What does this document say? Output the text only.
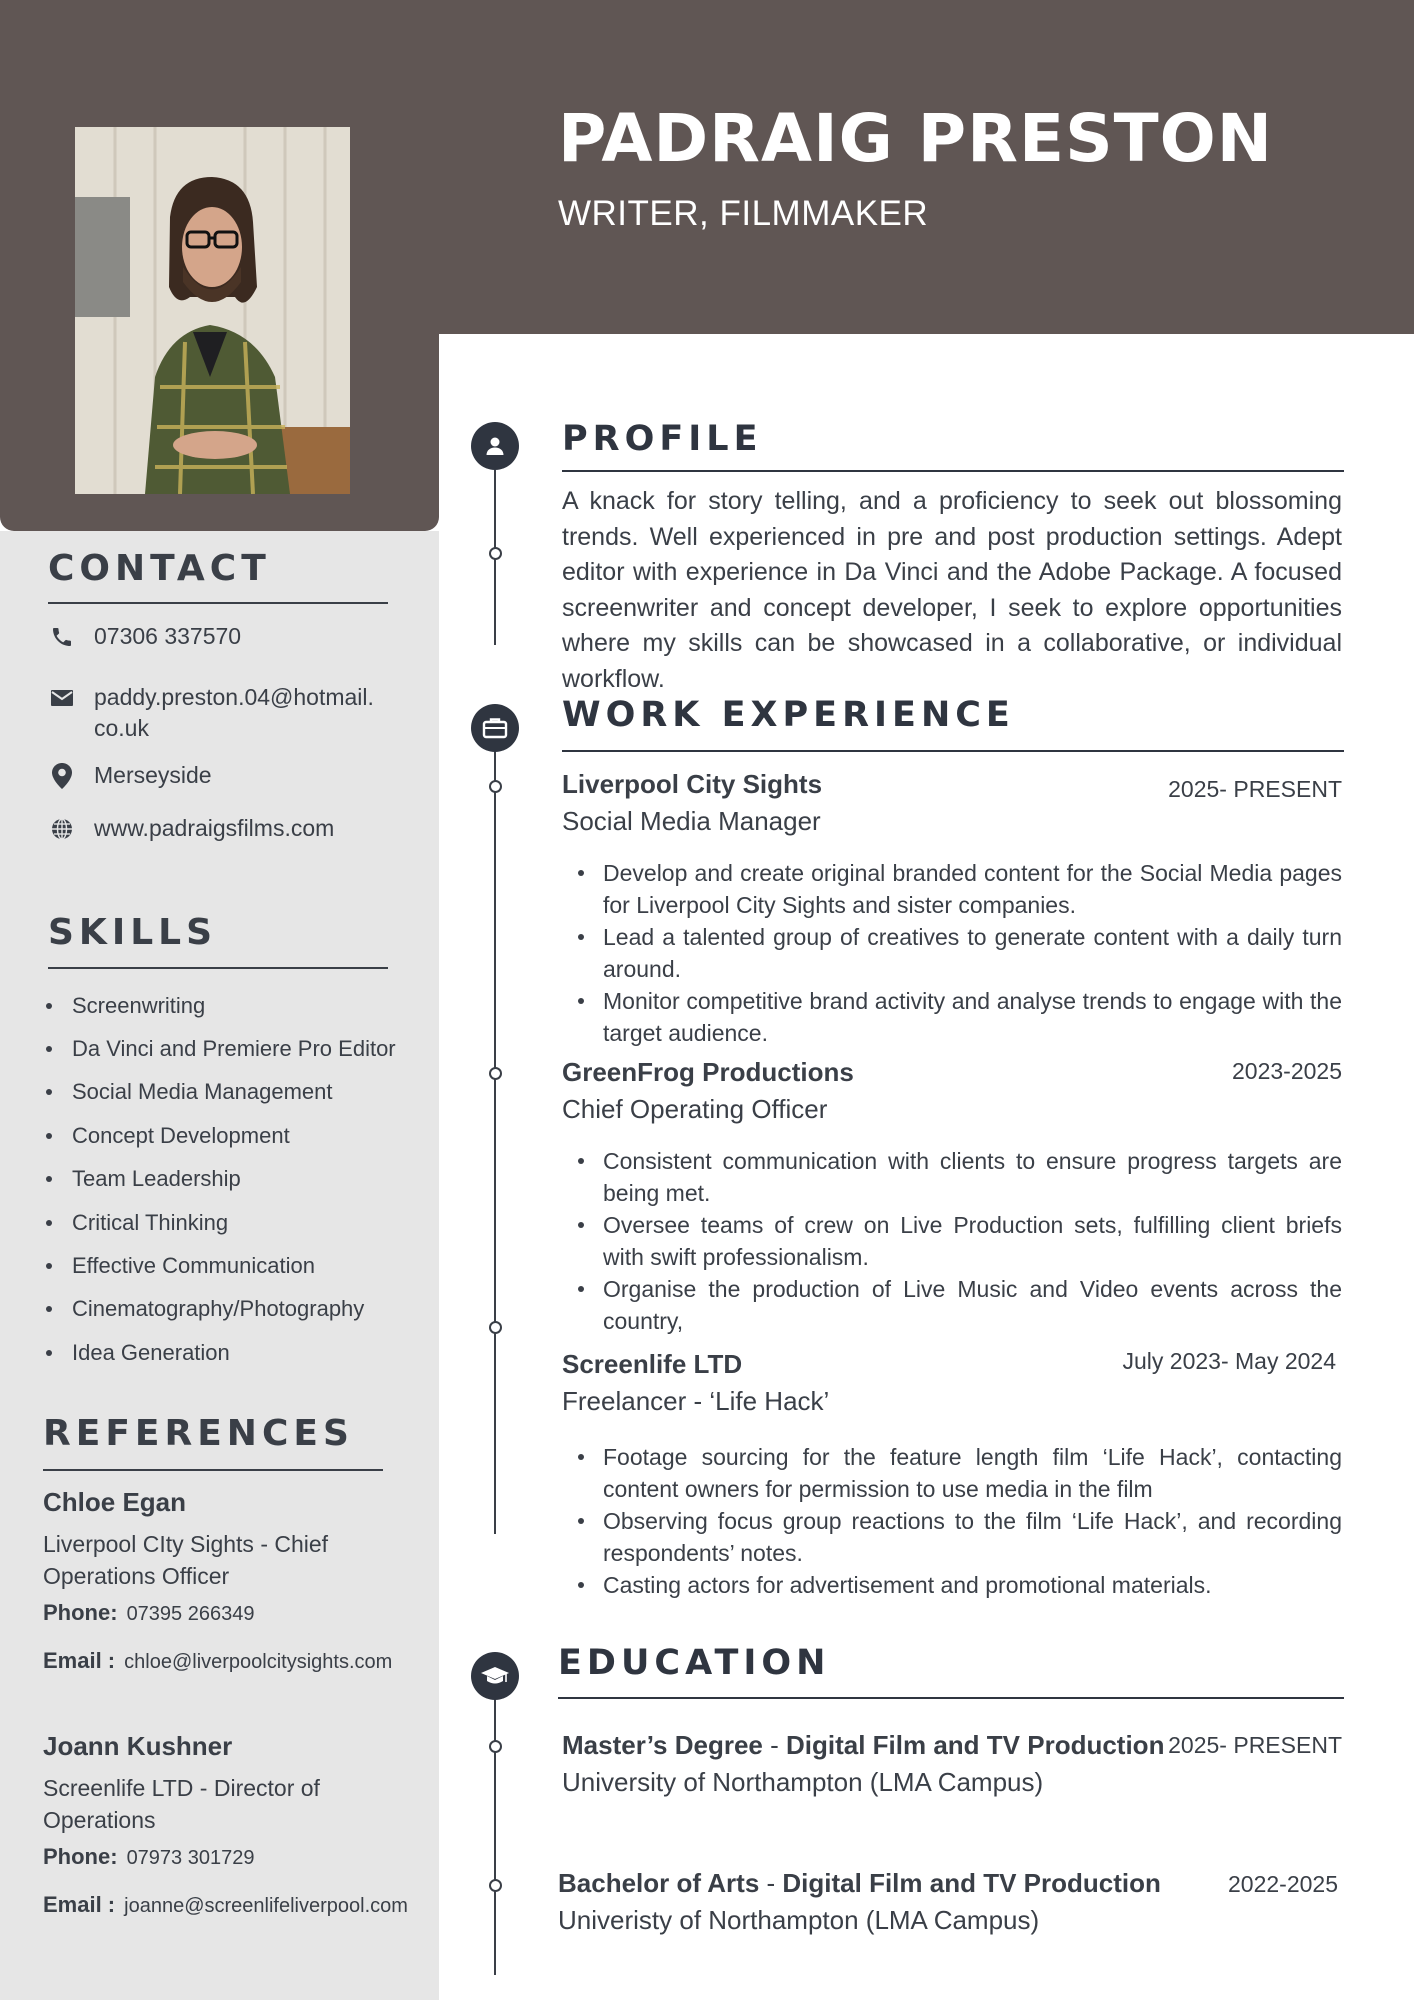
PADRAIG PRESTON
WRITER, FILMMAKER
CONTACT
07306 337570
paddy.preston.04@hotmail.
co.uk
Merseyside
www.padraigsfilms.com
SKILLS
Screenwriting
Da Vinci and Premiere Pro Editor
Social Media Management
Concept Development
Team Leadership
Critical Thinking
Effective Communication
Cinematography/Photography
Idea Generation
REFERENCES
Chloe Egan
Liverpool CIty Sights - Chief Operations Officer
Phone: 07395 266349
Email : chloe@liverpoolcitysights.com
Joann Kushner
Screenlife LTD - Director of Operations
Phone: 07973 301729
Email : joanne@screenlifeliverpool.com
PROFILE
A knack for story telling, and a proficiency to seek out blossoming trends. Well experienced in pre and post production settings. Adept editor with experience in Da Vinci and the Adobe Package. A focused screenwriter and concept developer, I seek to explore opportunities where my skills can be showcased in a collaborative, or individual workflow.
WORK EXPERIENCE
Liverpool City Sights	2025- PRESENT
Social Media Manager
Develop and create original branded content for the Social Media pages for Liverpool City Sights and sister companies.
Lead a talented group of creatives to generate content with a daily turn around.
Monitor competitive brand activity and analyse trends to engage with the target audience.
GreenFrog Productions	2023-2025
Chief Operating Officer
Consistent communication with clients to ensure progress targets are being met.
Oversee teams of crew on Live Production sets, fulfilling client briefs with swift professionalism.
Organise the production of Live Music and Video events across the country,
Screenlife LTD	July 2023- May 2024
Freelancer - ‘Life Hack’
Footage sourcing for the feature length film ‘Life Hack’, contacting content owners for permission to use media in the film
Observing focus group reactions to the film ‘Life Hack’, and recording respondents’ notes.
Casting actors for advertisement and promotional materials.
EDUCATION
Master’s Degree - Digital Film and TV Production 2025- PRESENT
University of Northampton (LMA Campus)
Bachelor of Arts - Digital Film and TV Production	2022-2025
Univeristy of Northampton (LMA Campus)
